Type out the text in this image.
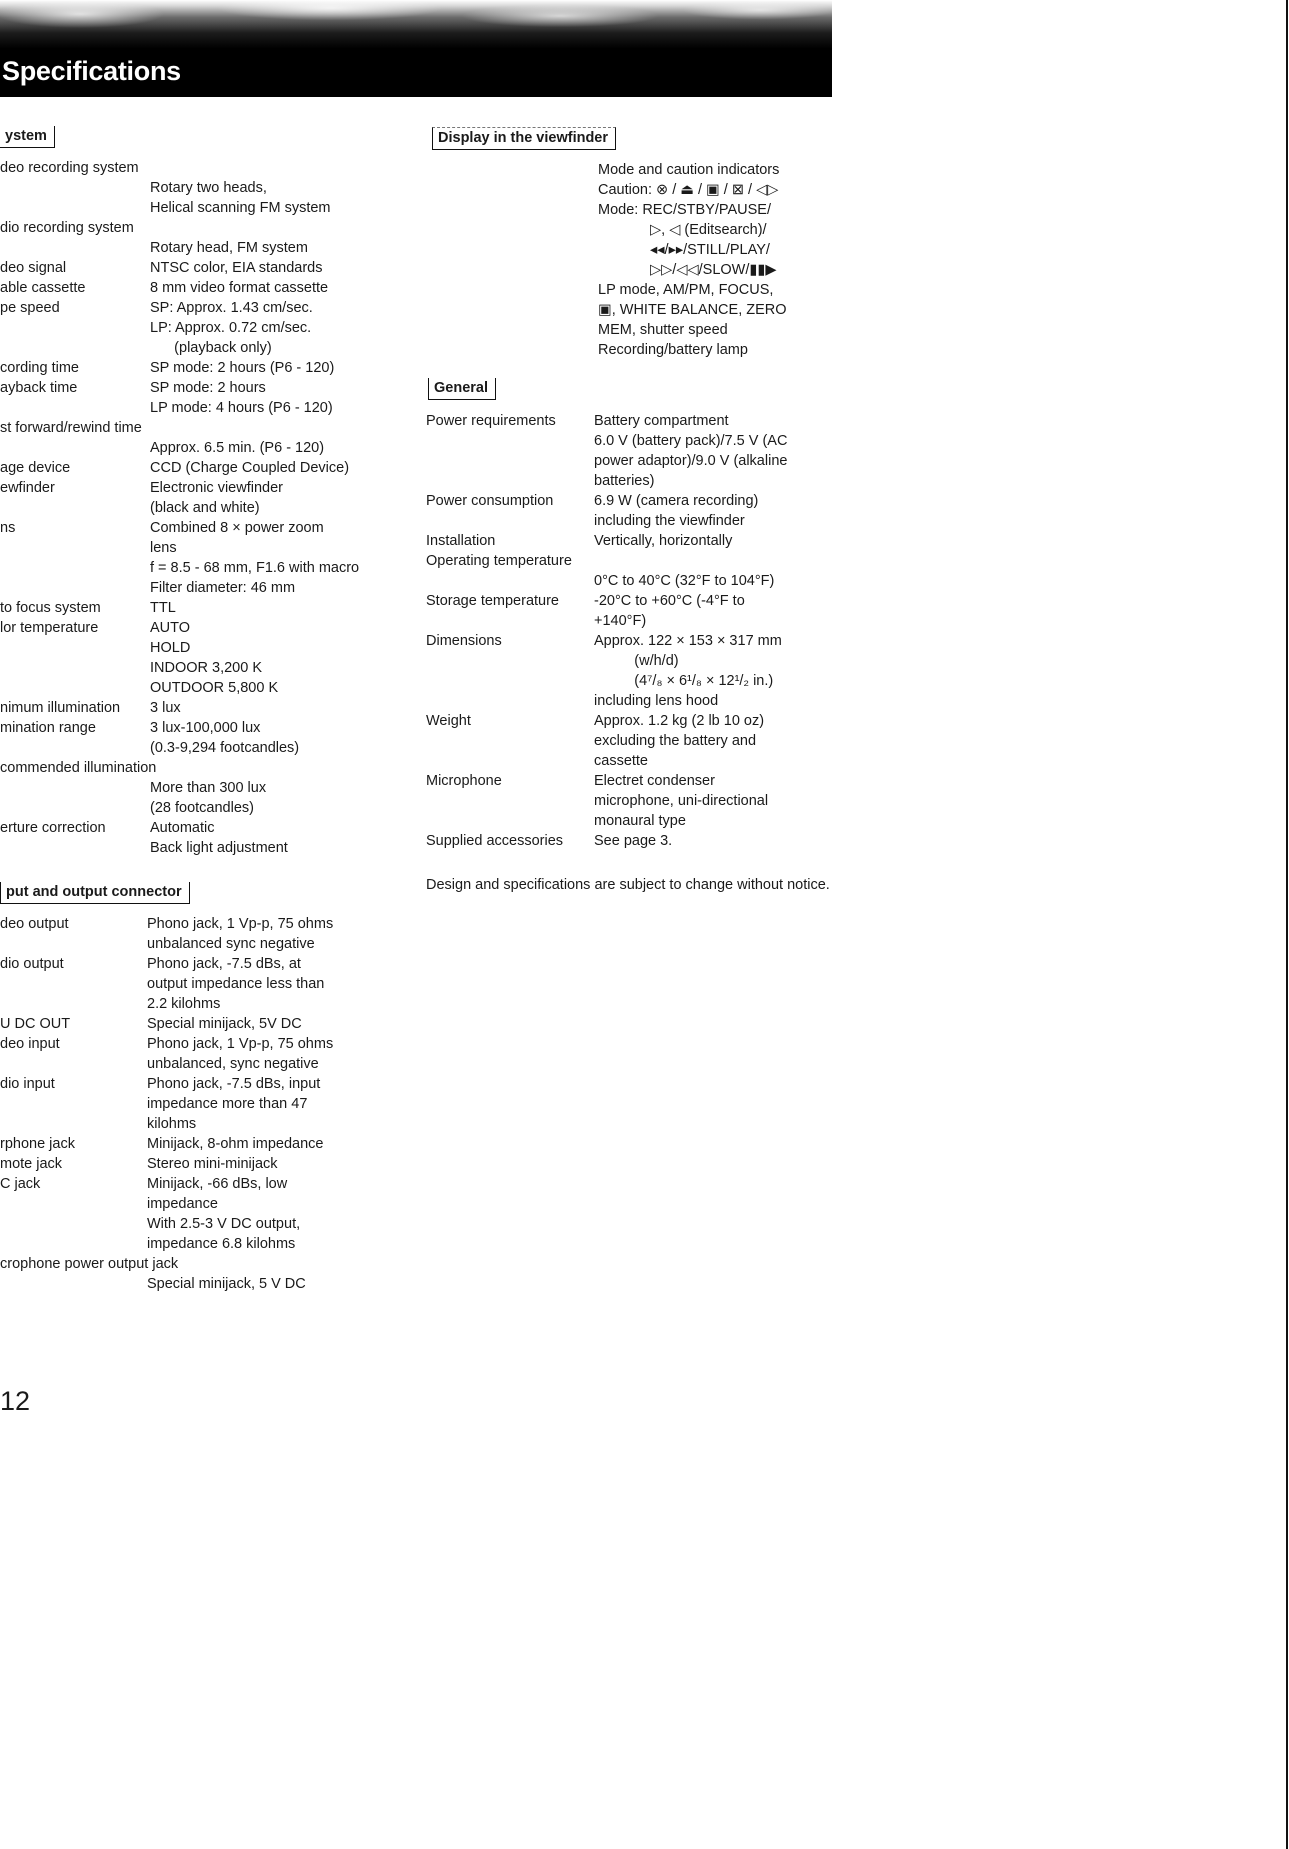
Specifications
ystem
deo recording system
Rotary two heads,
Helical scanning FM system
dio recording system
Rotary head, FM system
deo signal	NTSC color, EIA standards
able cassette	8 mm video format cassette
pe speed	SP: Approx. 1.43 cm/sec.
LP: Approx. 0.72 cm/sec.
(playback only)
cording time	SP mode: 2 hours (P6 - 120)
ayback time	SP mode: 2 hours
LP mode: 4 hours (P6 - 120)
st forward/rewind time
Approx. 6.5 min. (P6 - 120)
age device	CCD (Charge Coupled Device)
ewfinder	Electronic viewfinder
(black and white)
ns	Combined 8 × power zoom
lens
f = 8.5 - 68 mm, F1.6 with macro
Filter diameter: 46 mm
to focus system	TTL
lor temperature	AUTO
HOLD
INDOOR 3,200 K
OUTDOOR 5,800 K
nimum illumination 3 lux
mination range	3 lux-100,000 lux
(0.3-9,294 footcandles)
commended illumination
More than 300 lux
(28 footcandles)
erture correction	Automatic
Back light adjustment
put and output connector
deo output	Phono jack, 1 Vp-p, 75 ohms
unbalanced sync negative
dio output	Phono jack, -7.5 dBs, at
output impedance less than
2.2 kilohms
U DC OUT	Special minijack, 5V DC
deo input	Phono jack, 1 Vp-p, 75 ohms
unbalanced, sync negative
dio input	Phono jack, -7.5 dBs, input
impedance more than 47
kilohms
rphone jack	Minijack, 8-ohm impedance
mote jack	Stereo mini-minijack
C jack	Minijack, -66 dBs, low
impedance
With 2.5-3 V DC output,
impedance 6.8 kilohms
crophone power output jack
Special minijack, 5 V DC
Display in the viewfinder
Mode and caution indicators
Caution: ⊗ / ⏏ / ▣ / ⊠ / ◁▷
Mode: REC/STBY/PAUSE/
▷, ◁ (Editsearch)/
◂◂/▸▸/STILL/PLAY/
▷▷/◁◁/SLOW/▮▮▶
LP mode, AM/PM, FOCUS,
▣, WHITE BALANCE, ZERO
MEM, shutter speed
Recording/battery lamp
General
Power requirements	Battery compartment
6.0 V (battery pack)/7.5 V (AC
power adaptor)/9.0 V (alkaline
batteries)
Power consumption	6.9 W (camera recording)
including the viewfinder
Installation	Vertically, horizontally
Operating temperature
0°C to 40°C (32°F to 104°F)
Storage temperature -20°C to +60°C (-4°F to
+140°F)
Dimensions	Approx. 122 × 153 × 317 mm
(w/h/d)
(4⁷/₈ × 6¹/₈ × 12¹/₂ in.)
including lens hood
Weight	Approx. 1.2 kg (2 lb 10 oz)
excluding the battery and
cassette
Microphone	Electret condenser
microphone, uni-directional
monaural type
Supplied accessories See page 3.
Design and specifications are subject to change without notice.
12
